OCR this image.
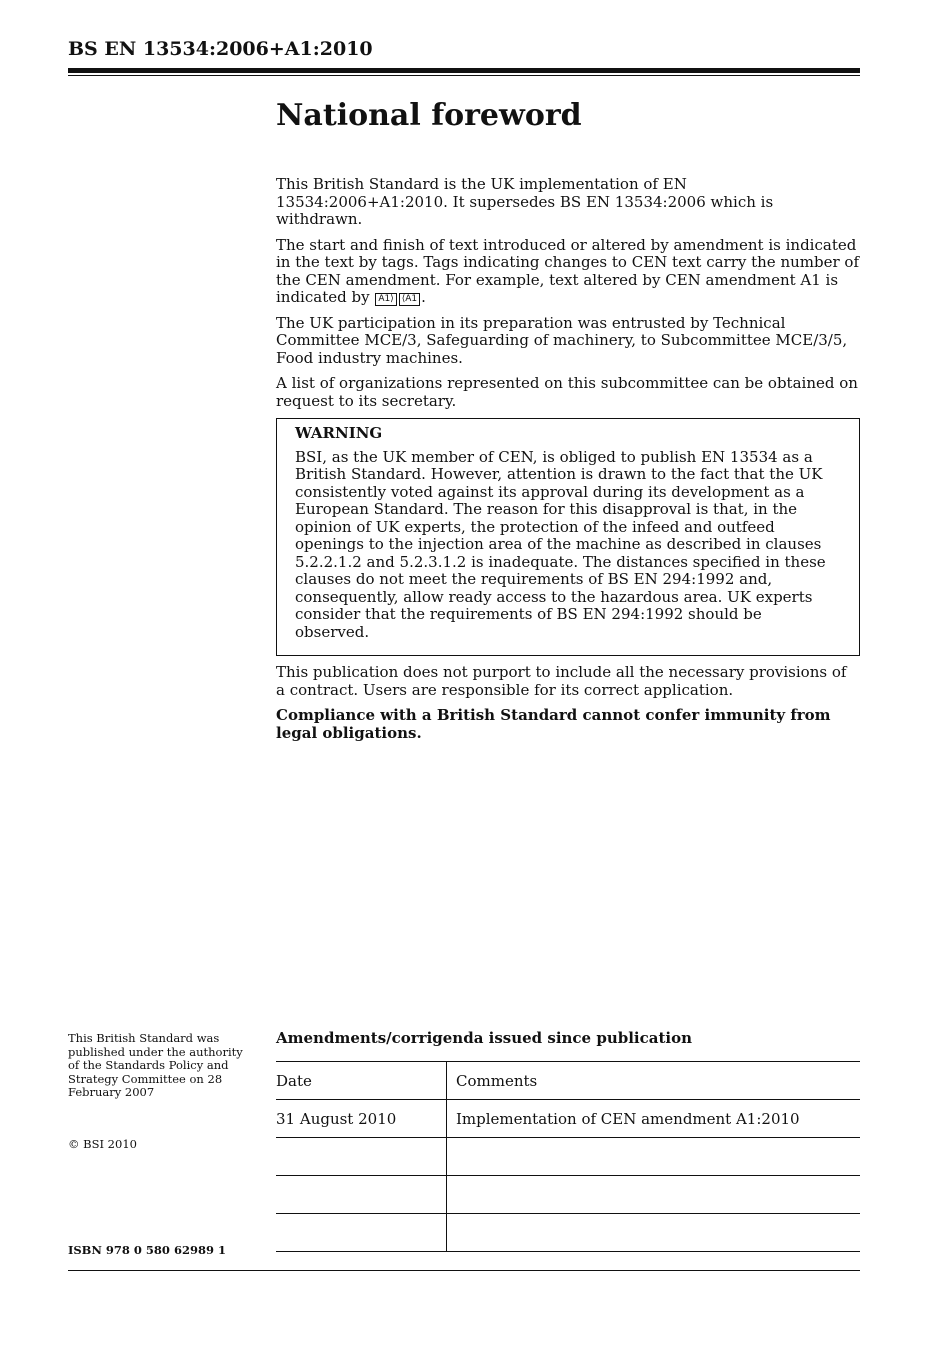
BS EN 13534:2006+A1:2010
National foreword

This British Standard is the UK implementation of EN 13534:2006+A1:2010. It supersedes BS EN 13534:2006 which is withdrawn.

The start and finish of text introduced or altered by amendment is indicated in the text by tags. Tags indicating changes to CEN text carry the number of the CEN amendment. For example, text altered by CEN amendment A1 is indicated by A1⟩ ⟨A1 .

The UK participation in its preparation was entrusted by Technical Committee MCE/3, Safeguarding of machinery, to Subcommittee MCE/3/5, Food industry machines.

A list of organizations represented on this subcommittee can be obtained on request to its secretary.

WARNING

BSI, as the UK member of CEN, is obliged to publish EN 13534 as a British Standard. However, attention is drawn to the fact that the UK consistently voted against its approval during its development as a European Standard. The reason for this disapproval is that, in the opinion of UK experts, the protection of the infeed and outfeed openings to the injection area of the machine as described in clauses 5.2.2.1.2 and 5.2.3.1.2 is inadequate. The distances specified in these clauses do not meet the requirements of BS EN 294:1992 and, consequently, allow ready access to the hazardous area. UK experts consider that the requirements of BS EN 294:1992 should be observed.

This publication does not purport to include all the necessary provisions of a contract. Users are responsible for its correct application.

Compliance with a British Standard cannot confer immunity from legal obligations.

This British Standard was published under the authority of the Standards Policy and Strategy Committee on 28 February 2007
© BSI 2010
ISBN 978 0 580 62989 1
Amendments/corrigenda issued since publication
Date	Comments
31 August 2010	Implementation of CEN amendment A1:2010
